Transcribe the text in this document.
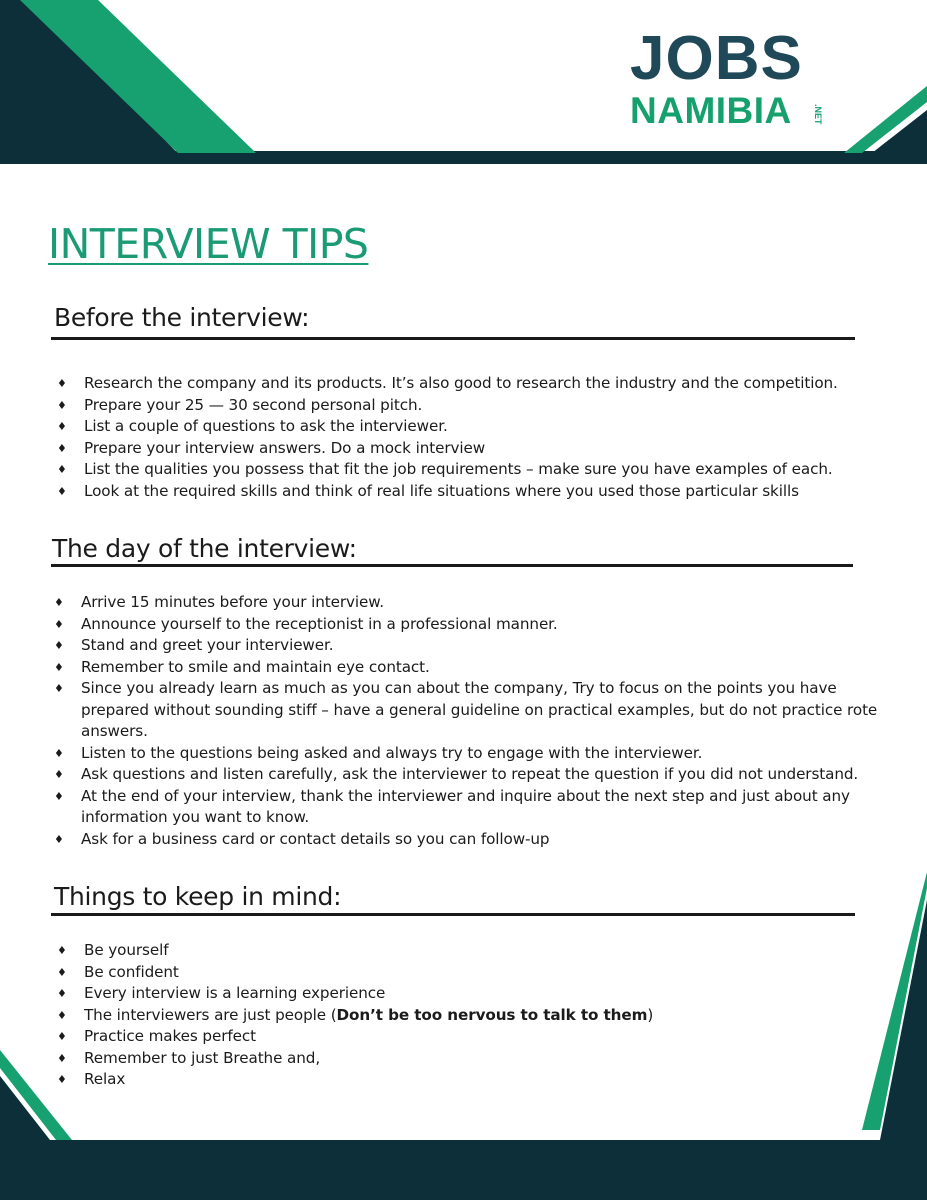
JOBS
NAMIBIA .NET
INTERVIEW TIPS
Before the interview:
♦ Research the company and its products. It’s also good to research the industry and the competition.
♦ Prepare your 25 — 30 second personal pitch.
♦ List a couple of questions to ask the interviewer.
♦ Prepare your interview answers. Do a mock interview
♦ List the qualities you possess that fit the job requirements – make sure you have examples of each.
♦ Look at the required skills and think of real life situations where you used those particular skills
The day of the interview:
♦ Arrive 15 minutes before your interview.
♦ Announce yourself to the receptionist in a professional manner.
♦ Stand and greet your interviewer.
♦ Remember to smile and maintain eye contact.
♦ Since you already learn as much as you can about the company, Try to focus on the points you have prepared without sounding stiff – have a general guideline on practical examples, but do not practice rote answers.
♦ Listen to the questions being asked and always try to engage with the interviewer.
♦ Ask questions and listen carefully, ask the interviewer to repeat the question if you did not understand.
♦ At the end of your interview, thank the interviewer and inquire about the next step and just about any information you want to know.
♦ Ask for a business card or contact details so you can follow-up
Things to keep in mind:
♦ Be yourself
♦ Be confident
♦ Every interview is a learning experience
♦ The interviewers are just people (Don’t be too nervous to talk to them)
♦ Practice makes perfect
♦ Remember to just Breathe and,
♦ Relax
